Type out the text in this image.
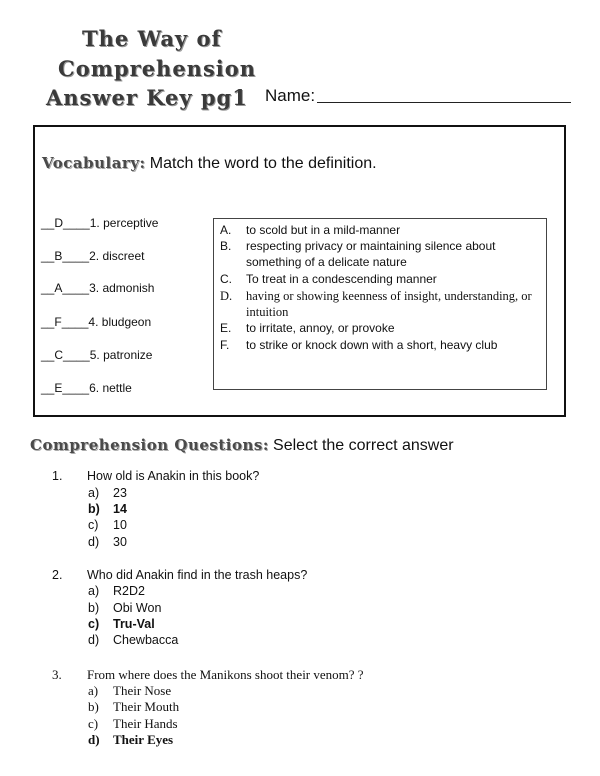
The Way of
Comprehension
Answer Key pg1 Name:
Vocabulary: Match the word to the definition.
__D____1. perceptive
__B____2. discreet
__A____3. admonish
__F____4. bludgeon
__C____5. patronize
__E____6. nettle
A. to scold but in a mild-manner
B. respecting privacy or maintaining silence about something of a delicate nature
C. To treat in a condescending manner
D. having or showing keenness of insight, understanding, or intuition
E. to irritate, annoy, or provoke
F. to strike or knock down with a short, heavy club
Comprehension Questions: Select the correct answer
1. How old is Anakin in this book?
a) 23
b) 14
c) 10
d) 30
2. Who did Anakin find in the trash heaps?
a) R2D2
b) Obi Won
c) Tru-Val
d) Chewbacca
3. From where does the Manikons shoot their venom? ?
a) Their Nose
b) Their Mouth
c) Their Hands
d) Their Eyes
